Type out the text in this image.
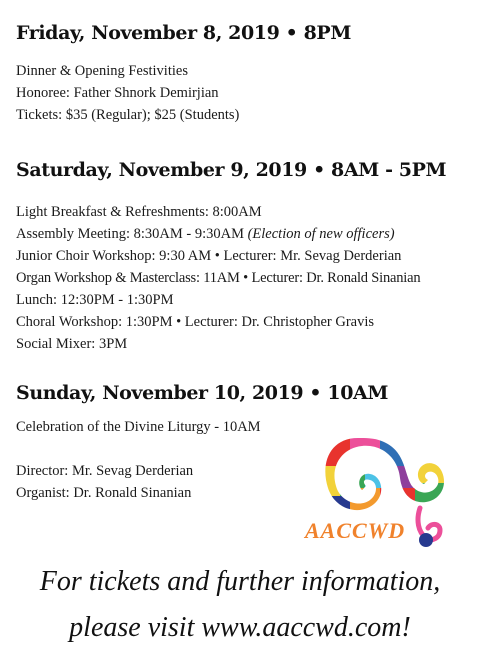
Friday, November 8, 2019 • 8PM

Dinner & Opening Festivities

Honoree: Father Shnork Demirjian

Tickets: $35 (Regular); $25 (Students)

Saturday, November 9, 2019 • 8AM - 5PM

Light Breakfast & Refreshments: 8:00AM

Assembly Meeting: 8:30AM - 9:30AM (Election of new officers)

Junior Choir Workshop: 9:30 AM • Lecturer: Mr. Sevag Derderian

Organ Workshop & Masterclass: 11AM • Lecturer: Dr. Ronald Sinanian

Lunch: 12:30PM - 1:30PM

Choral Workshop: 1:30PM • Lecturer: Dr. Christopher Gravis

Social Mixer: 3PM

Sunday, November 10, 2019 • 10AM

Celebration of the Divine Liturgy - 10AM

Director: Mr. Sevag Derderian

Organist: Dr. Ronald Sinanian

AACCWD
For tickets and further information,
please visit www.aaccwd.com!
